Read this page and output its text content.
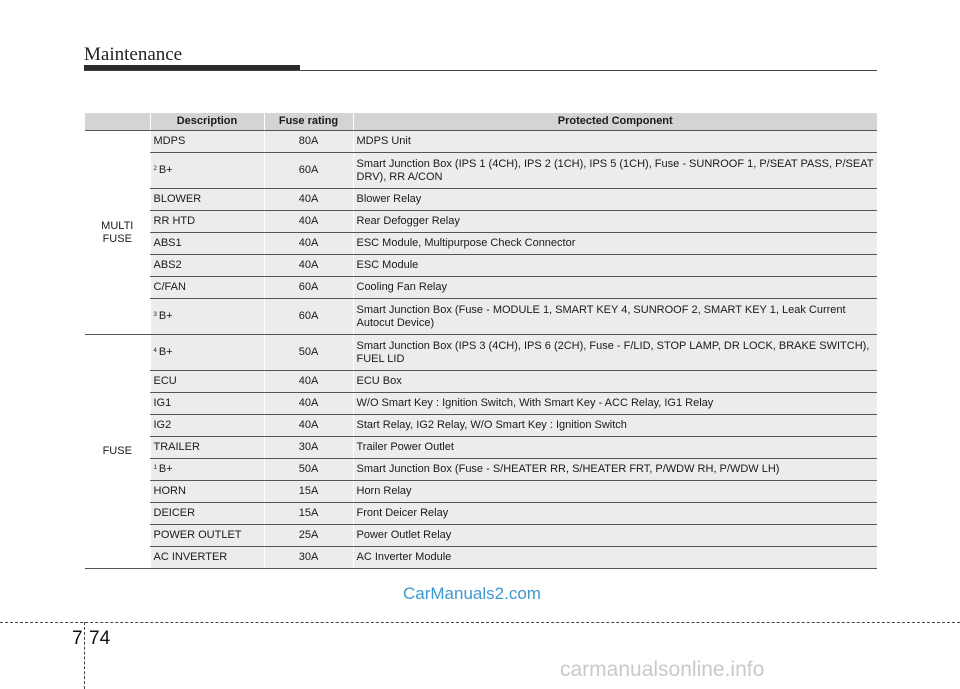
Maintenance
	Description	Fuse rating	Protected Component
MULTI FUSE	MDPS	80A	MDPS Unit
	$^2$ B+	60A	Smart Junction Box (IPS 1 (4CH), IPS 2 (1CH), IPS 5 (1CH), Fuse - SUNROOF 1, P/SEAT PASS, P/SEAT DRV), RR A/CON
	BLOWER	40A	Blower Relay
	RR HTD	40A	Rear Defogger Relay
	ABS1	40A	ESC Module, Multipurpose Check Connector
	ABS2	40A	ESC Module
	C/FAN	60A	Cooling Fan Relay
	$^3$ B+	60A	Smart Junction Box (Fuse - MODULE 1, SMART KEY 4, SUNROOF 2, SMART KEY 1, Leak Current Autocut Device)
FUSE	$^4$ B+	50A	Smart Junction Box (IPS 3 (4CH), IPS 6 (2CH), Fuse - F/LID, STOP LAMP, DR LOCK, BRAKE SWITCH), FUEL LID
	ECU	40A	ECU Box
	IG1	40A	W/O Smart Key : Ignition Switch, With Smart Key - ACC Relay, IG1 Relay
	IG2	40A	Start Relay, IG2 Relay, W/O Smart Key : Ignition Switch
	TRAILER	30A	Trailer Power Outlet
	$^1$ B+	50A	Smart Junction Box (Fuse - S/HEATER RR, S/HEATER FRT, P/WDW RH, P/WDW LH)
	HORN	15A	Horn Relay
	DEICER	15A	Front Deicer Relay
	POWER OUTLET	25A	Power Outlet Relay
	AC INVERTER	30A	AC Inverter Module
CarManuals2.com
7 74
carmanualsonline.info
